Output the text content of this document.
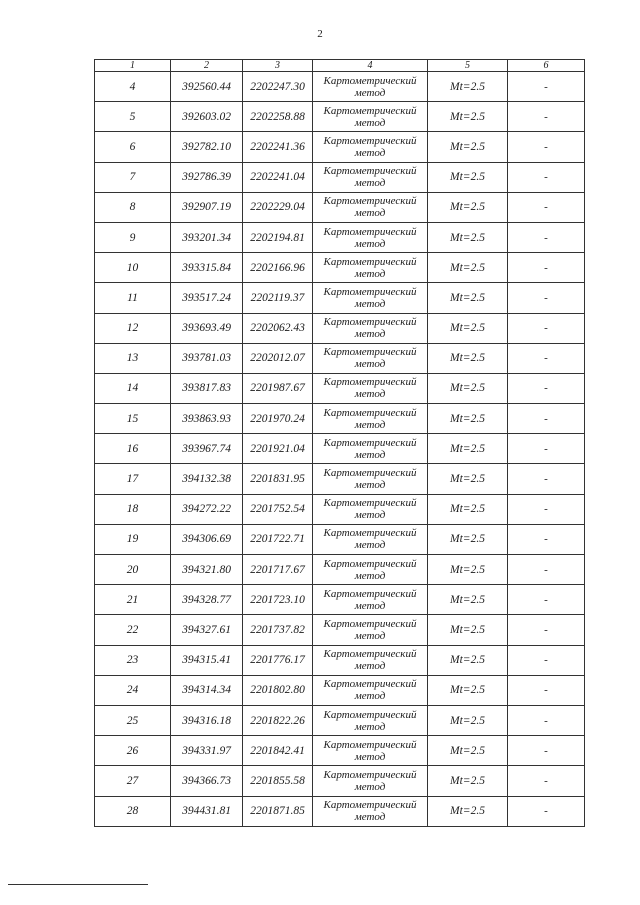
2
1	2	3	4	5	6
4	392560.44	2202247.30	Картометрический метод	Mt=2.5	-
5	392603.02	2202258.88	Картометрический метод	Mt=2.5	-
6	392782.10	2202241.36	Картометрический метод	Mt=2.5	-
7	392786.39	2202241.04	Картометрический метод	Mt=2.5	-
8	392907.19	2202229.04	Картометрический метод	Mt=2.5	-
9	393201.34	2202194.81	Картометрический метод	Mt=2.5	-
10	393315.84	2202166.96	Картометрический метод	Mt=2.5	-
11	393517.24	2202119.37	Картометрический метод	Mt=2.5	-
12	393693.49	2202062.43	Картометрический метод	Mt=2.5	-
13	393781.03	2202012.07	Картометрический метод	Mt=2.5	-
14	393817.83	2201987.67	Картометрический метод	Mt=2.5	-
15	393863.93	2201970.24	Картометрический метод	Mt=2.5	-
16	393967.74	2201921.04	Картометрический метод	Mt=2.5	-
17	394132.38	2201831.95	Картометрический метод	Mt=2.5	-
18	394272.22	2201752.54	Картометрический метод	Mt=2.5	-
19	394306.69	2201722.71	Картометрический метод	Mt=2.5	-
20	394321.80	2201717.67	Картометрический метод	Mt=2.5	-
21	394328.77	2201723.10	Картометрический метод	Mt=2.5	-
22	394327.61	2201737.82	Картометрический метод	Mt=2.5	-
23	394315.41	2201776.17	Картометрический метод	Mt=2.5	-
24	394314.34	2201802.80	Картометрический метод	Mt=2.5	-
25	394316.18	2201822.26	Картометрический метод	Mt=2.5	-
26	394331.97	2201842.41	Картометрический метод	Mt=2.5	-
27	394366.73	2201855.58	Картометрический метод	Mt=2.5	-
28	394431.81	2201871.85	Картометрический метод	Mt=2.5	-
